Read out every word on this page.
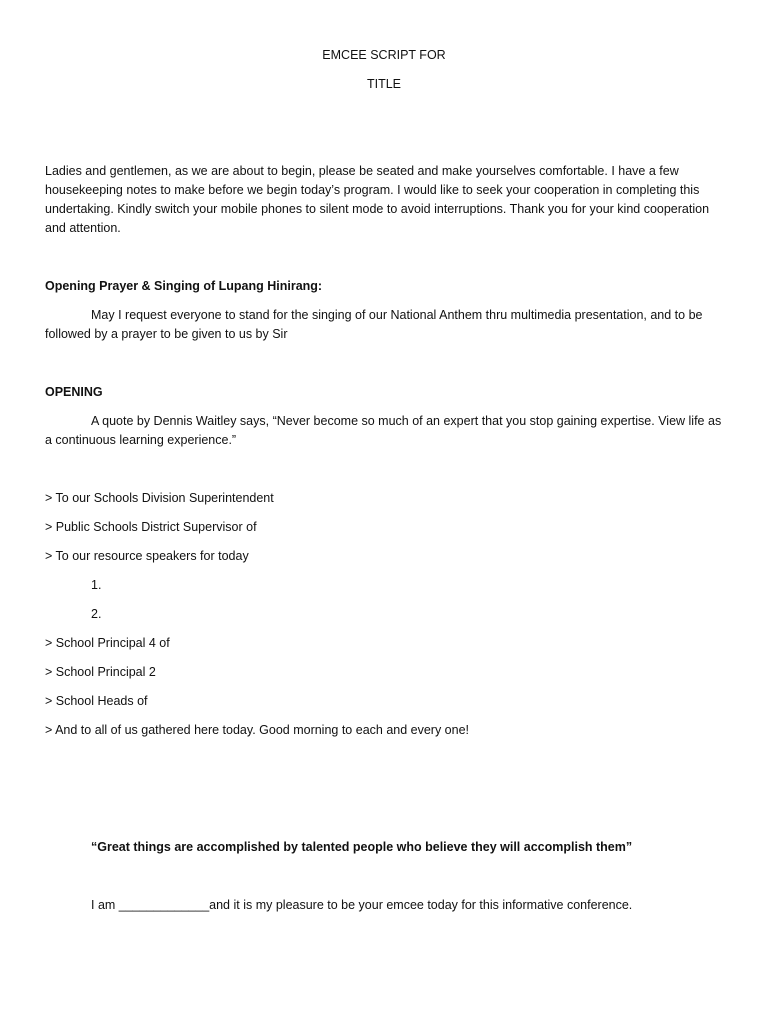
EMCEE SCRIPT FOR

TITLE

Ladies and gentlemen, as we are about to begin, please be seated and make yourselves comfortable. I have a few housekeeping notes to make before we begin today’s program. I would like to seek your cooperation in completing this undertaking. Kindly switch your mobile phones to silent mode to avoid interruptions. Thank you for your kind cooperation and attention.

Opening Prayer & Singing of Lupang Hinirang:

May I request everyone to stand for the singing of our National Anthem thru multimedia presentation, and to be followed by a prayer to be given to us by Sir

OPENING

A quote by Dennis Waitley says, “Never become so much of an expert that you stop gaining expertise. View life as a continuous learning experience.”

> To our Schools Division Superintendent

> Public Schools District Supervisor of

> To our resource speakers for today

1.

2.

> School Principal 4 of

> School Principal 2

> School Heads of

> And to all of us gathered here today. Good morning to each and every one!

“Great things are accomplished by talented people who believe they will accomplish them”

I am _____________and it is my pleasure to be your emcee today for this informative conference.
